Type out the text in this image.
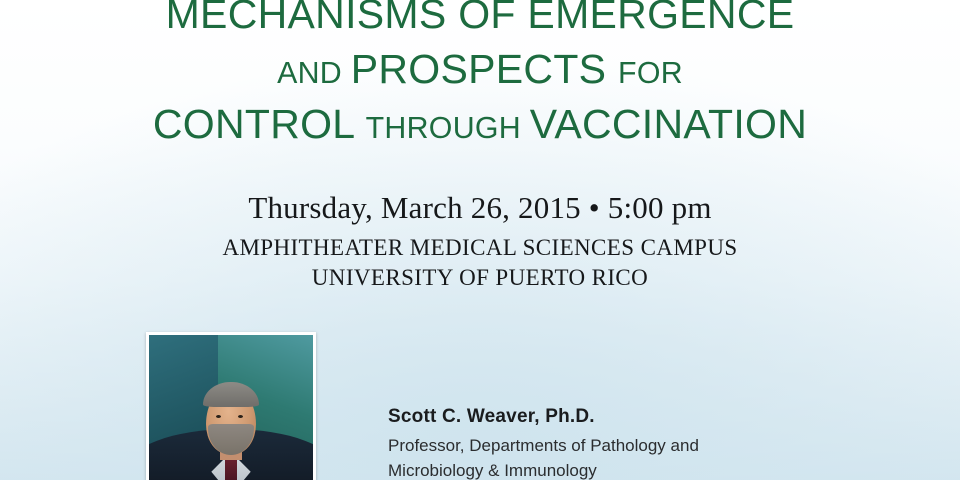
MECHANISMS OF EMERGENCE
AND PROSPECTS FOR
CONTROL THROUGH VACCINATION
Thursday, March 26, 2015 • 5:00 pm
AMPHITHEATER MEDICAL SCIENCES CAMPUS
UNIVERSITY OF PUERTO RICO
Scott C. Weaver, Ph.D.
Professor, Departments of Pathology and
Microbiology & Immunology
